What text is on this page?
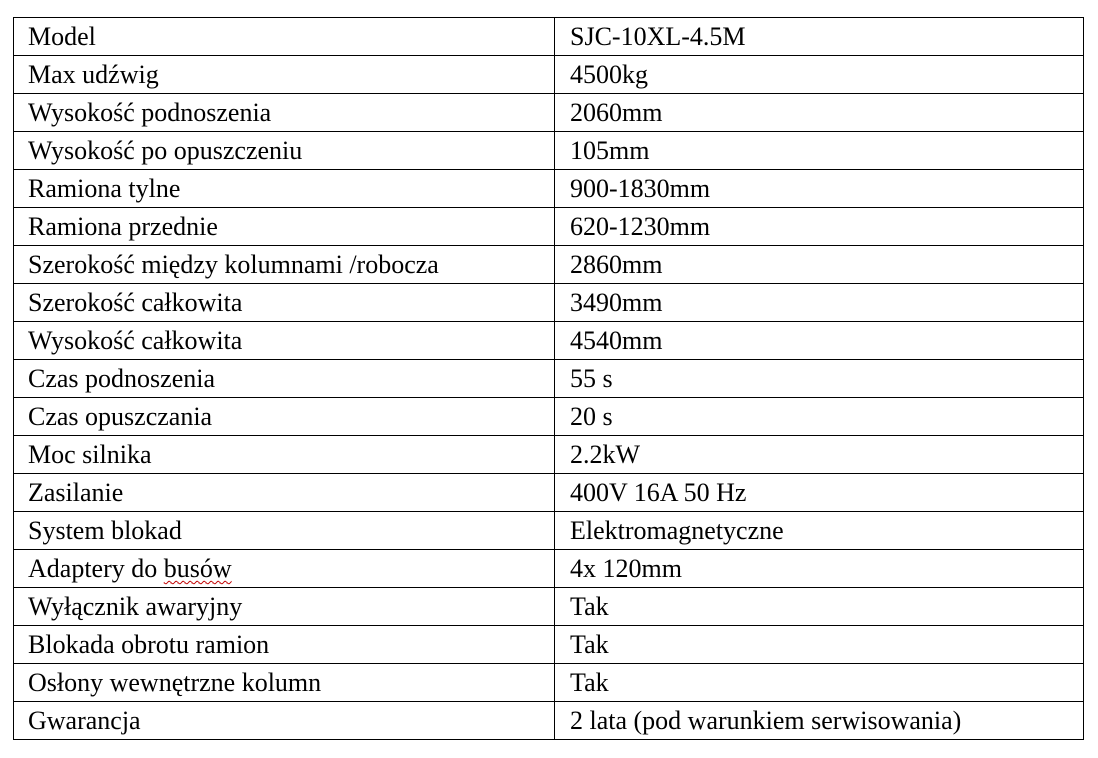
Model	SJC-10XL-4.5M
Max udźwig	4500kg
Wysokość podnoszenia	2060mm
Wysokość po opuszczeniu	105mm
Ramiona tylne	900-1830mm
Ramiona przednie	620-1230mm
Szerokość między kolumnami /robocza	2860mm
Szerokość całkowita	3490mm
Wysokość całkowita	4540mm
Czas podnoszenia	55 s
Czas opuszczania	20 s
Moc silnika	2.2kW
Zasilanie	400V 16A 50 Hz
System blokad	Elektromagnetyczne
Adaptery do busów	4x 120mm
Wyłącznik awaryjny	Tak
Blokada obrotu ramion	Tak
Osłony wewnętrzne kolumn	Tak
Gwarancja	2 lata (pod warunkiem serwisowania)
